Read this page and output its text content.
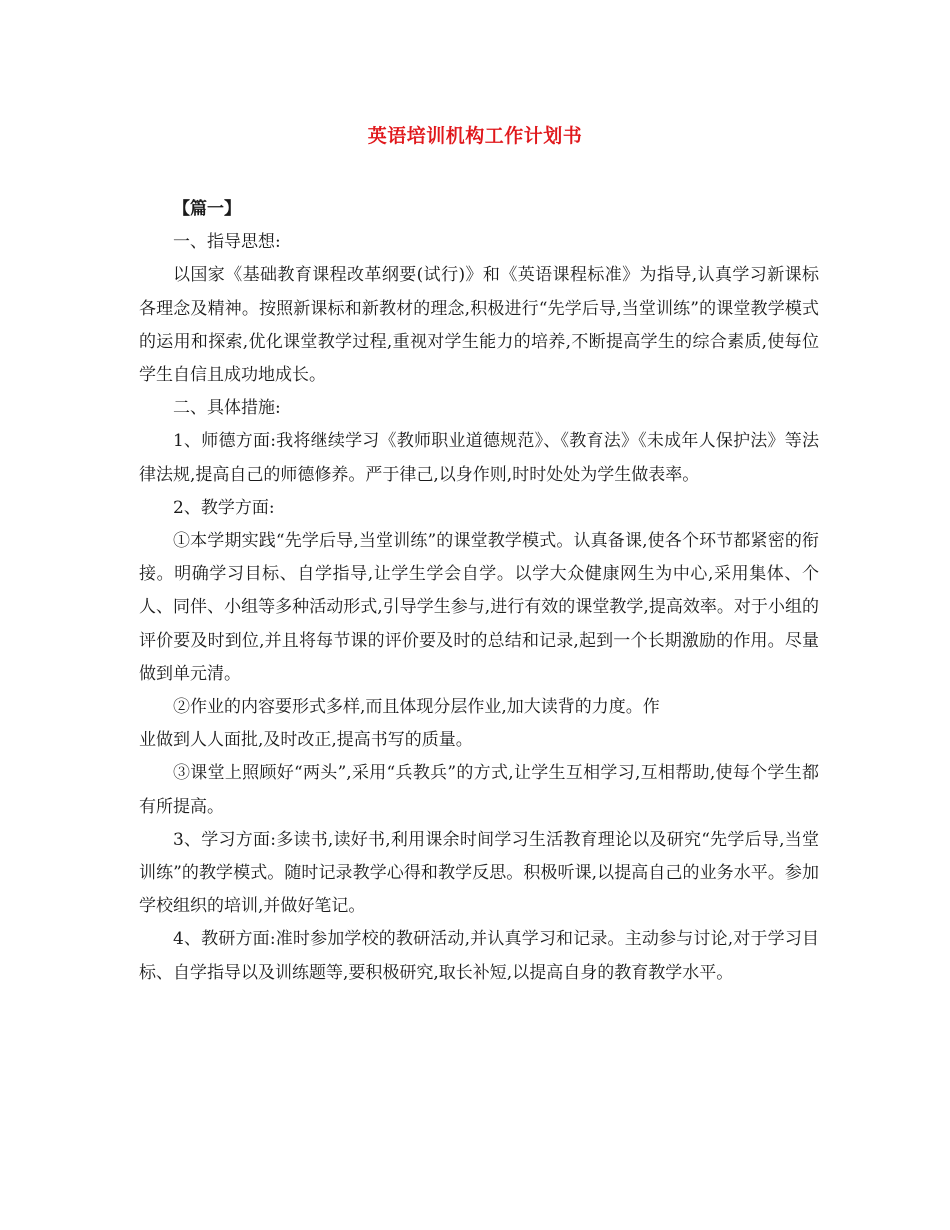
英语培训机构工作计划书

【篇一】

一、指导思想:

以国家《基础教育课程改革纲要(试行)》和《英语课程标准》为指导,认真学习新课标各理念及精神。按照新课标和新教材的理念,积极进行“先学后导,当堂训练”的课堂教学模式的运用和探索,优化课堂教学过程,重视对学生能力的培养,不断提高学生的综合素质,使每位学生自信且成功地成长。

二、具体措施:

1、师德方面:我将继续学习《教师职业道德规范》、《教育法》《未成年人保护法》等法律法规,提高自己的师德修养。严于律己,以身作则,时时处处为学生做表率。

2、教学方面:

①本学期实践“先学后导,当堂训练”的课堂教学模式。认真备课,使各个环节都紧密的衔接。明确学习目标、自学指导,让学生学会自学。以学大众健康网生为中心,采用集体、个人、同伴、小组等多种活动形式,引导学生参与,进行有效的课堂教学,提高效率。对于小组的评价要及时到位,并且将每节课的评价要及时的总结和记录,起到一个长期激励的作用。尽量做到单元清。

②作业的内容要形式多样,而且体现分层作业,加大读背的力度。作

业做到人人面批,及时改正,提高书写的质量。

③课堂上照顾好“两头”,采用“兵教兵”的方式,让学生互相学习,互相帮助,使每个学生都有所提高。

3、学习方面:多读书,读好书,利用课余时间学习生活教育理论以及研究“先学后导,当堂训练”的教学模式。随时记录教学心得和教学反思。积极听课,以提高自己的业务水平。参加学校组织的培训,并做好笔记。

4、教研方面:准时参加学校的教研活动,并认真学习和记录。主动参与讨论,对于学习目标、自学指导以及训练题等,要积极研究,取长补短,以提高自身的教育教学水平。
